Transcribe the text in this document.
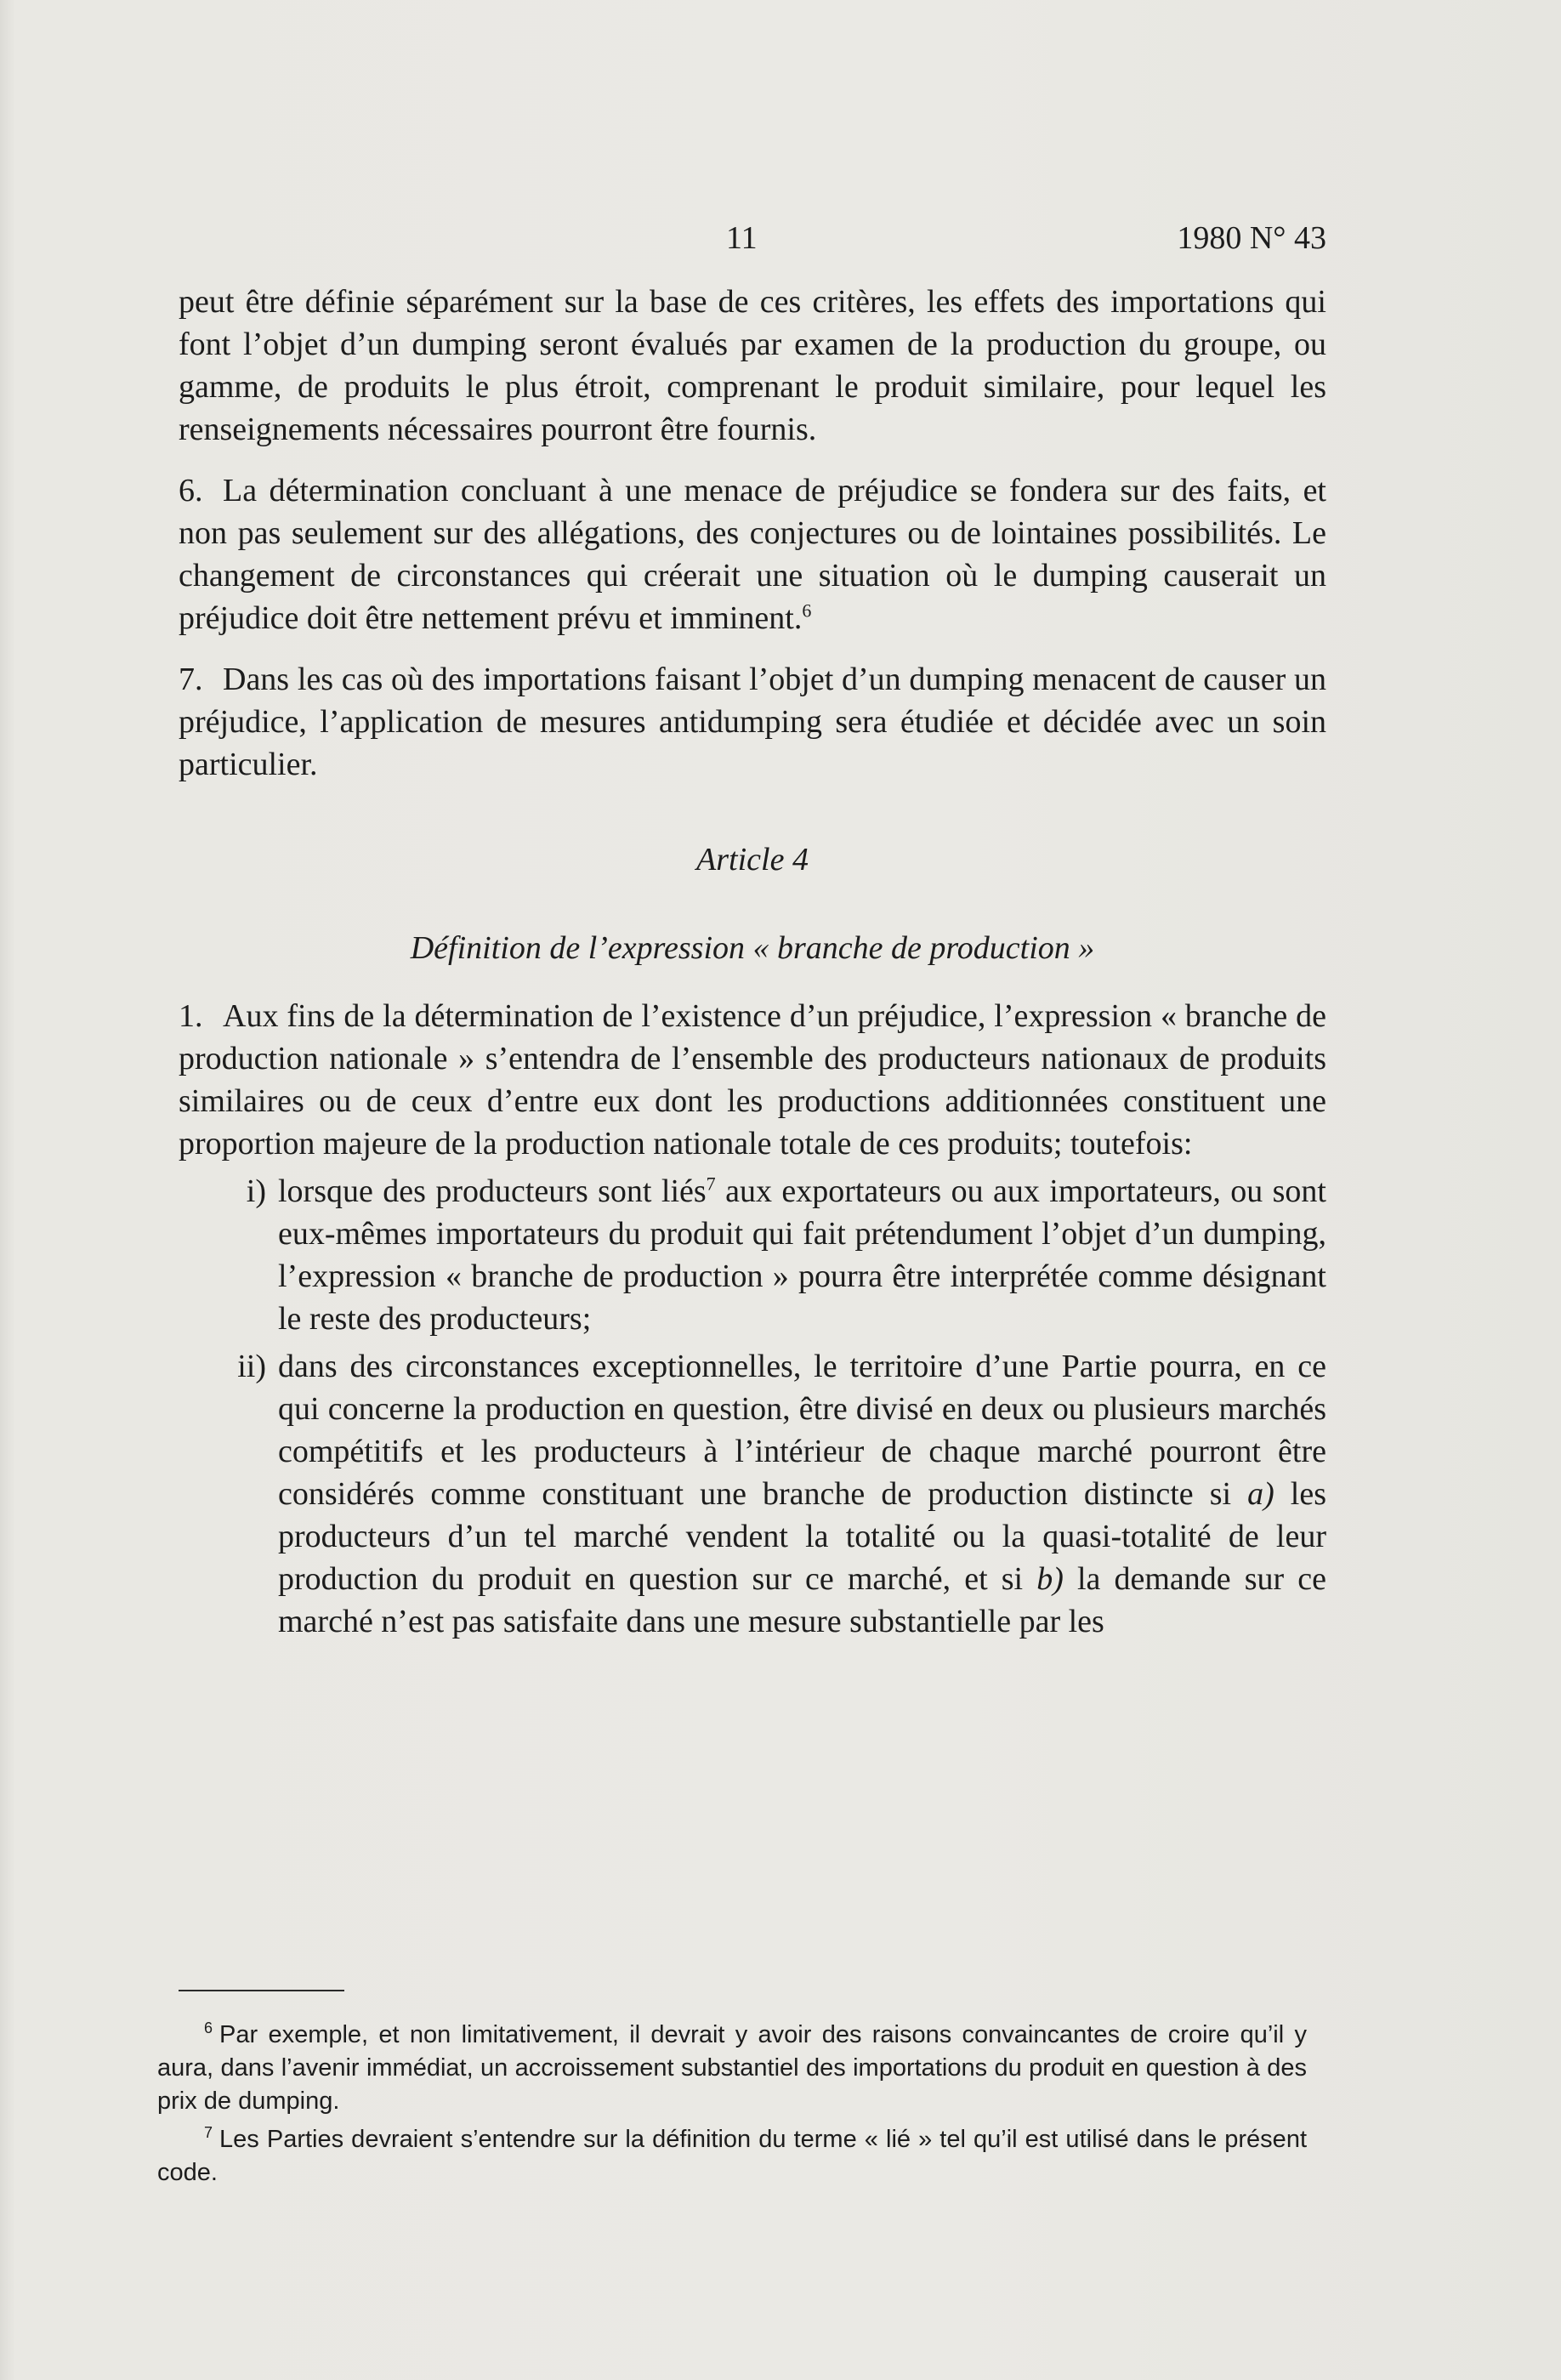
11	1980 N° 43

peut être définie séparément sur la base de ces critères, les effets des importations qui font l’objet d’un dumping seront évalués par examen de la production du groupe, ou gamme, de produits le plus étroit, comprenant le produit similaire, pour lequel les renseignements nécessaires pourront être fournis.

6. La détermination concluant à une menace de préjudice se fondera sur des faits, et non pas seulement sur des allégations, des conjectures ou de lointaines possibilités. Le changement de circonstances qui créerait une situation où le dumping causerait un préjudice doit être nettement prévu et imminent.$^6$

7. Dans les cas où des importations faisant l’objet d’un dumping menacent de causer un préjudice, l’application de mesures antidumping sera étudiée et décidée avec un soin particulier.

Article 4

Définition de l’expression « branche de production »

1. Aux fins de la détermination de l’existence d’un préjudice, l’expression « branche de production nationale » s’entendra de l’ensemble des producteurs nationaux de produits similaires ou de ceux d’entre eux dont les productions additionnées constituent une proportion majeure de la production nationale totale de ces produits; toutefois:

i) lorsque des producteurs sont liés$^7$ aux exportateurs ou aux importateurs, ou sont eux-mêmes importateurs du produit qui fait prétendument l’objet d’un dumping, l’expression « branche de production » pourra être interprétée comme désignant le reste des producteurs;
ii) dans des circonstances exceptionnelles, le territoire d’une Partie pourra, en ce qui concerne la production en question, être divisé en deux ou plusieurs marchés compétitifs et les producteurs à l’intérieur de chaque marché pourront être considérés comme constituant une branche de production distincte si a) les producteurs d’un tel marché vendent la totalité ou la quasi-totalité de leur production du produit en question sur ce marché, et si b) la demande sur ce marché n’est pas satisfaite dans une mesure substantielle par les

$^6$ Par exemple, et non limitativement, il devrait y avoir des raisons convaincantes de croire qu’il y aura, dans l’avenir immédiat, un accroissement substantiel des importations du produit en question à des prix de dumping.

$^7$ Les Parties devraient s’entendre sur la définition du terme « lié » tel qu’il est utilisé dans le présent code.
